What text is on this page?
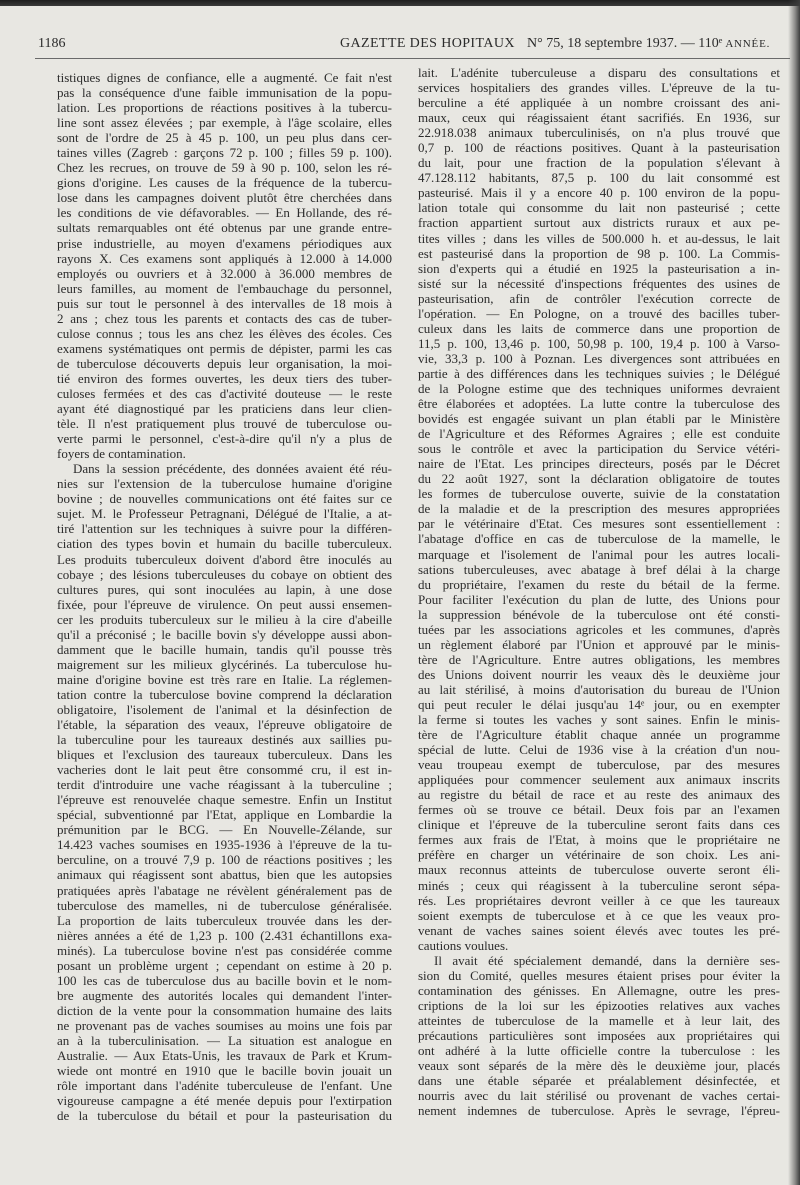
1186	GAZETTE DES HOPITAUX N° 75, 18 septembre 1937. — 110ᵉ ANNÉE.
tistiques dignes de confiance, elle a augmenté. Ce fait n'est
pas la conséquence d'une faible immunisation de la popu-
lation. Les proportions de réactions positives à la tubercu-
line sont assez élevées ; par exemple, à l'âge scolaire, elles
sont de l'ordre de 25 à 45 p. 100, un peu plus dans cer-
taines villes (Zagreb : garçons 72 p. 100 ; filles 59 p. 100).
Chez les recrues, on trouve de 59 à 90 p. 100, selon les ré-
gions d'origine. Les causes de la fréquence de la tubercu-
lose dans les campagnes doivent plutôt être cherchées dans
les conditions de vie défavorables. — En Hollande, des ré-
sultats remarquables ont été obtenus par une grande entre-
prise industrielle, au moyen d'examens périodiques aux
rayons X. Ces examens sont appliqués à 12.000 à 14.000
employés ou ouvriers et à 32.000 à 36.000 membres de
leurs familles, au moment de l'embauchage du personnel,
puis sur tout le personnel à des intervalles de 18 mois à
2 ans ; chez tous les parents et contacts des cas de tuber-
culose connus ; tous les ans chez les élèves des écoles. Ces
examens systématiques ont permis de dépister, parmi les cas
de tuberculose découverts depuis leur organisation, la moi-
tié environ des formes ouvertes, les deux tiers des tuber-
culoses fermées et des cas d'activité douteuse — le reste
ayant été diagnostiqué par les praticiens dans leur clien-
tèle. Il n'est pratiquement plus trouvé de tuberculose ou-
verte parmi le personnel, c'est-à-dire qu'il n'y a plus de
foyers de contamination.
Dans la session précédente, des données avaient été réu-
nies sur l'extension de la tuberculose humaine d'origine
bovine ; de nouvelles communications ont été faites sur ce
sujet. M. le Professeur Petragnani, Délégué de l'Italie, a at-
tiré l'attention sur les techniques à suivre pour la différen-
ciation des types bovin et humain du bacille tuberculeux.
Les produits tuberculeux doivent d'abord être inoculés au
cobaye ; des lésions tuberculeuses du cobaye on obtient des
cultures pures, qui sont inoculées au lapin, à une dose
fixée, pour l'épreuve de virulence. On peut aussi ensemen-
cer les produits tuberculeux sur le milieu à la cire d'abeille
qu'il a préconisé ; le bacille bovin s'y développe aussi abon-
damment que le bacille humain, tandis qu'il pousse très
maigrement sur les milieux glycérinés. La tuberculose hu-
maine d'origine bovine est très rare en Italie. La réglemen-
tation contre la tuberculose bovine comprend la déclaration
obligatoire, l'isolement de l'animal et la désinfection de
l'étable, la séparation des veaux, l'épreuve obligatoire de
la tuberculine pour les taureaux destinés aux saillies pu-
bliques et l'exclusion des taureaux tuberculeux. Dans les
vacheries dont le lait peut être consommé cru, il est in-
terdit d'introduire une vache réagissant à la tuberculine ;
l'épreuve est renouvelée chaque semestre. Enfin un Institut
spécial, subventionné par l'Etat, applique en Lombardie la
prémunition par le BCG. — En Nouvelle-Zélande, sur
14.423 vaches soumises en 1935-1936 à l'épreuve de la tu-
berculine, on a trouvé 7,9 p. 100 de réactions positives ; les
animaux qui réagissent sont abattus, bien que les autopsies
pratiquées après l'abatage ne révèlent généralement pas de
tuberculose des mamelles, ni de tuberculose généralisée.
La proportion de laits tuberculeux trouvée dans les der-
nières années a été de 1,23 p. 100 (2.431 échantillons exa-
minés). La tuberculose bovine n'est pas considérée comme
posant un problème urgent ; cependant on estime à 20 p.
100 les cas de tuberculose dus au bacille bovin et le nom-
bre augmente des autorités locales qui demandent l'inter-
diction de la vente pour la consommation humaine des laits
ne provenant pas de vaches soumises au moins une fois par
an à la tuberculinisation. — La situation est analogue en
Australie. — Aux Etats-Unis, les travaux de Park et Krum-
wiede ont montré en 1910 que le bacille bovin jouait un
rôle important dans l'adénite tuberculeuse de l'enfant. Une
vigoureuse campagne a été menée depuis pour l'extirpation
de la tuberculose du bétail et pour la pasteurisation du
lait. L'adénite tuberculeuse a disparu des consultations et
services hospitaliers des grandes villes. L'épreuve de la tu-
berculine a été appliquée à un nombre croissant des ani-
maux, ceux qui réagissaient étant sacrifiés. En 1936, sur
22.918.038 animaux tuberculinisés, on n'a plus trouvé que
0,7 p. 100 de réactions positives. Quant à la pasteurisation
du lait, pour une fraction de la population s'élevant à
47.128.112 habitants, 87,5 p. 100 du lait consommé est
pasteurisé. Mais il y a encore 40 p. 100 environ de la popu-
lation totale qui consomme du lait non pasteurisé ; cette
fraction appartient surtout aux districts ruraux et aux pe-
tites villes ; dans les villes de 500.000 h. et au-dessus, le lait
est pasteurisé dans la proportion de 98 p. 100. La Commis-
sion d'experts qui a étudié en 1925 la pasteurisation a in-
sisté sur la nécessité d'inspections fréquentes des usines de
pasteurisation, afin de contrôler l'exécution correcte de
l'opération. — En Pologne, on a trouvé des bacilles tuber-
culeux dans les laits de commerce dans une proportion de
11,5 p. 100, 13,46 p. 100, 50,98 p. 100, 19,4 p. 100 à Varso-
vie, 33,3 p. 100 à Poznan. Les divergences sont attribuées en
partie à des différences dans les techniques suivies ; le Délégué
de la Pologne estime que des techniques uniformes devraient
être élaborées et adoptées. La lutte contre la tuberculose des
bovidés est engagée suivant un plan établi par le Ministère
de l'Agriculture et des Réformes Agraires ; elle est conduite
sous le contrôle et avec la participation du Service vétéri-
naire de l'Etat. Les principes directeurs, posés par le Décret
du 22 août 1927, sont la déclaration obligatoire de toutes
les formes de tuberculose ouverte, suivie de la constatation
de la maladie et de la prescription des mesures appropriées
par le vétérinaire d'Etat. Ces mesures sont essentiellement :
l'abatage d'office en cas de tuberculose de la mamelle, le
marquage et l'isolement de l'animal pour les autres locali-
sations tuberculeuses, avec abatage à bref délai à la charge
du propriétaire, l'examen du reste du bétail de la ferme.
Pour faciliter l'exécution du plan de lutte, des Unions pour
la suppression bénévole de la tuberculose ont été consti-
tuées par les associations agricoles et les communes, d'après
un règlement élaboré par l'Union et approuvé par le minis-
tère de l'Agriculture. Entre autres obligations, les membres
des Unions doivent nourrir les veaux dès le deuxième jour
au lait stérilisé, à moins d'autorisation du bureau de l'Union
qui peut reculer le délai jusqu'au 14ᵉ jour, ou en exempter
la ferme si toutes les vaches y sont saines. Enfin le minis-
tère de l'Agriculture établit chaque année un programme
spécial de lutte. Celui de 1936 vise à la création d'un nou-
veau troupeau exempt de tuberculose, par des mesures
appliquées pour commencer seulement aux animaux inscrits
au registre du bétail de race et au reste des animaux des
fermes où se trouve ce bétail. Deux fois par an l'examen
clinique et l'épreuve de la tuberculine seront faits dans ces
fermes aux frais de l'Etat, à moins que le propriétaire ne
préfère en charger un vétérinaire de son choix. Les ani-
maux reconnus atteints de tuberculose ouverte seront éli-
minés ; ceux qui réagissent à la tuberculine seront sépa-
rés. Les propriétaires devront veiller à ce que les taureaux
soient exempts de tuberculose et à ce que les veaux pro-
venant de vaches saines soient élevés avec toutes les pré-
cautions voulues.
Il avait été spécialement demandé, dans la dernière ses-
sion du Comité, quelles mesures étaient prises pour éviter la
contamination des génisses. En Allemagne, outre les pres-
criptions de la loi sur les épizooties relatives aux vaches
atteintes de tuberculose de la mamelle et à leur lait, des
précautions particulières sont imposées aux propriétaires qui
ont adhéré à la lutte officielle contre la tuberculose : les
veaux sont séparés de la mère dès le deuxième jour, placés
dans une étable séparée et préalablement désinfectée, et
nourris avec du lait stérilisé ou provenant de vaches certai-
nement indemnes de tuberculose. Après le sevrage, l'épreu-
